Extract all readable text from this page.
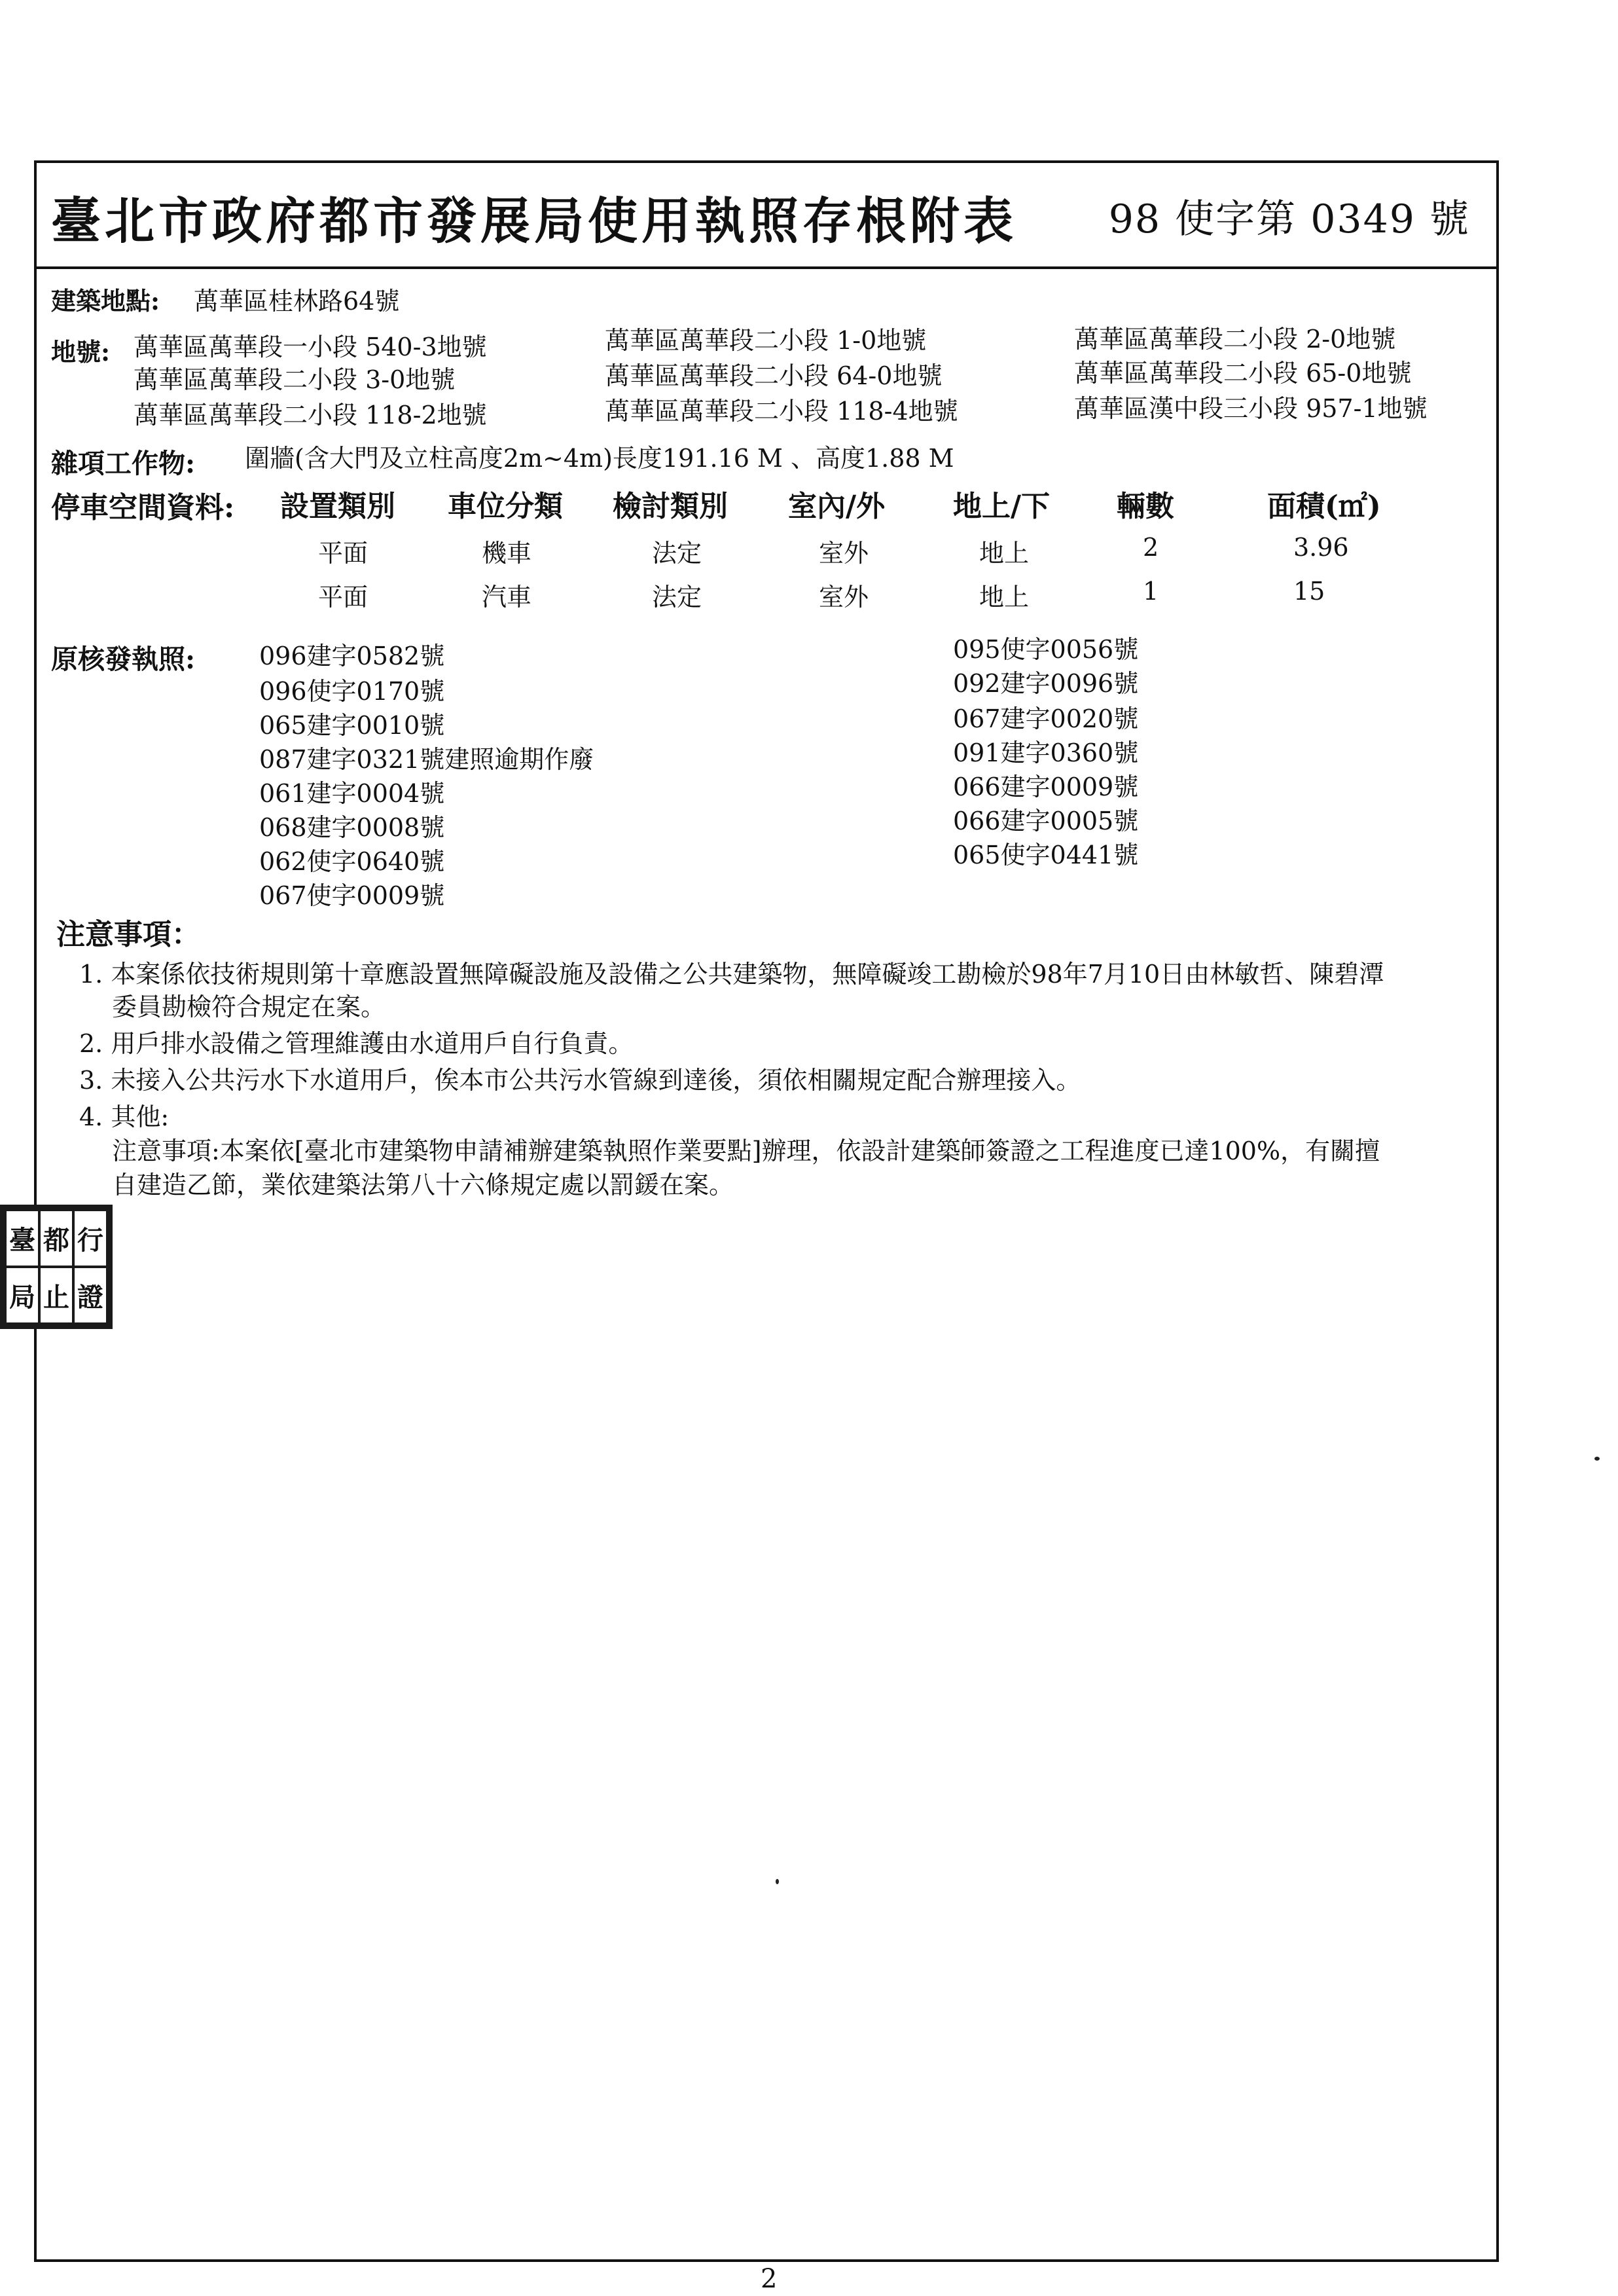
臺北市政府都市發展局使用執照存根附表 98 使字第 0349 號
建築地點: 萬華區桂林路64號
地號: 萬華區萬華段一小段 540-3地號	萬華區萬華段二小段 1-0地號	萬華區萬華段二小段 2-0地號
萬華區萬華段二小段 3-0地號	萬華區萬華段二小段 64-0地號	萬華區萬華段二小段 65-0地號
萬華區萬華段二小段 118-2地號	萬華區萬華段二小段 118-4地號	萬華區漢中段三小段 957-1地號
雜項工作物: 圍牆(含大門及立柱高度2m~4m)長度191.16 M 、高度1.88 M
停車空間資料: 設置類別 車位分類 檢討類別 室內/外 地上/下 輛數	面積(㎡)
平面	機車	法定	室外	地上	2	3.96
平面	汽車	法定	室外	地上	1	15
原核發執照:	096建字0582號
096使字0170號
065建字0010號
087建字0321號建照逾期作廢
061建字0004號
068建字0008號
062使字0640號
067使字0009號
095使字0056號
092建字0096號
067建字0020號
091建字0360號
066建字0009號
066建字0005號
065使字0441號
注意事項：
1. 本案係依技術規則第十章應設置無障礙設施及設備之公共建築物，無障礙竣工勘檢於98年7月10日由林敏哲、陳碧潭
委員勘檢符合規定在案。
2. 用戶排水設備之管理維護由水道用戶自行負責。
3. 未接入公共污水下水道用戶，俟本市公共污水管線到達後，須依相關規定配合辦理接入。
4. 其他:
注意事項:本案依[臺北市建築物申請補辦建築執照作業要點]辦理，依設計建築師簽證之工程進度已達100%，有關擅
自建造乙節，業依建築法第八十六條規定處以罰鍰在案。
臺 都 行
局 止 證
2
